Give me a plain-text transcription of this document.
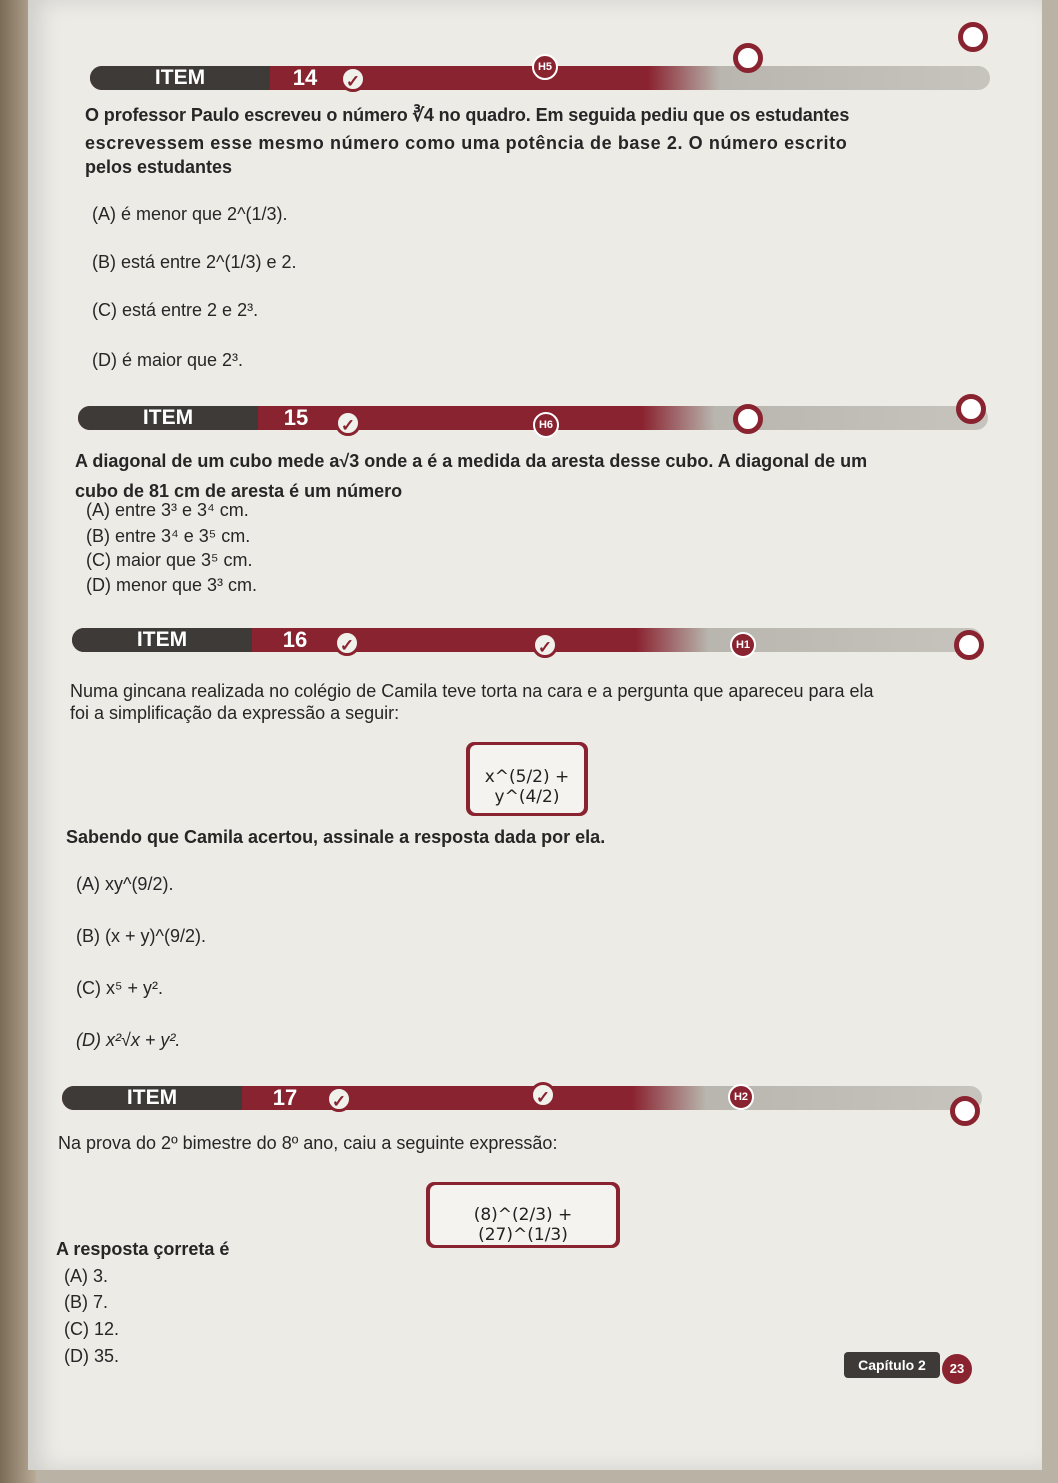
ITEM	14	✓
H5
O professor Paulo escreveu o número ∛4 no quadro. Em seguida pediu que os estudantes
escrevessem esse mesmo número como uma potência de base 2. O número escrito
pelos estudantes
(A) é menor que 2^(1/3).
(B) está entre 2^(1/3) e 2.
(C) está entre 2 e 2³.
(D) é maior que 2³.
ITEM	15	✓	H6
A diagonal de um cubo mede a√3 onde a é a medida da aresta desse cubo. A diagonal de um
cubo de 81 cm de aresta é um número
(A) entre 3³ e 3⁴ cm.
(B) entre 3⁴ e 3⁵ cm.
(C) maior que 3⁵ cm.
(D) menor que 3³ cm.
ITEM	16	✓	✓	H1
Numa gincana realizada no colégio de Camila teve torta na cara e a pergunta que apareceu para ela
foi a simplificação da expressão a seguir:
x^(5/2) + y^(4/2)
Sabendo que Camila acertou, assinale a resposta dada por ela.
(A) xy^(9/2).
(B) (x + y)^(9/2).
(C) x⁵ + y².
(D) x²√x + y².
ITEM	17	✓	✓	H2
Na prova do 2º bimestre do 8º ano, caiu a seguinte expressão:
(8)^(2/3) + (27)^(1/3)
A resposta çorreta é
(A) 3.
(B) 7.
(C) 12.
(D) 35.	Capítulo 2	23
